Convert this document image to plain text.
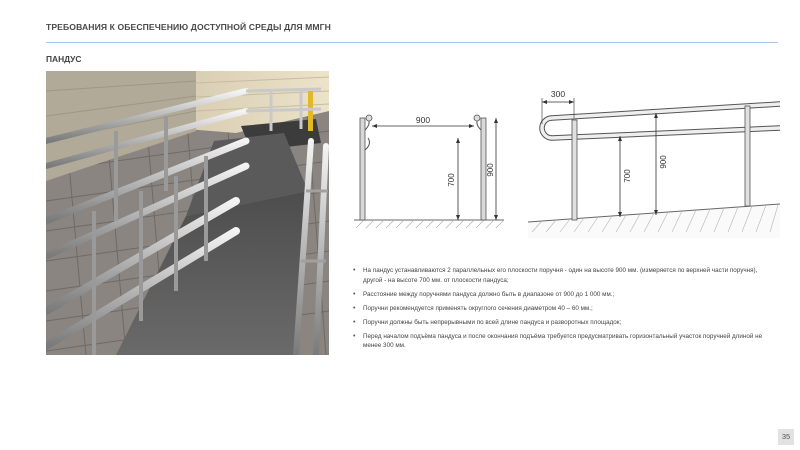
ТРЕБОВАНИЯ К ОБЕСПЕЧЕНИЮ ДОСТУПНОЙ СРЕДЫ ДЛЯ ММГН
ПАНДУС
900
700
900
300
700
900
• На пандус устанавливаются 2 параллельных его плоскости поручня - один на высоте 900 мм. (измеряется по верхней части поручня), другой - на высоте 700 мм. от плоскости пандуса;
• Расстояние между поручнями пандуса должно быть в диапазоне от 900 до 1 000 мм.;
• Поручни рекомендуется применять округлого сечения диаметром 40 – 60 мм.;
• Поручни должны быть непрерывными по всей длине пандуса и разворотных площадок;
• Перед началом подъёма пандуса и после окончания подъёма требуется предусматривать горизонтальный участок поручней длиной не менее 300 мм.
35
